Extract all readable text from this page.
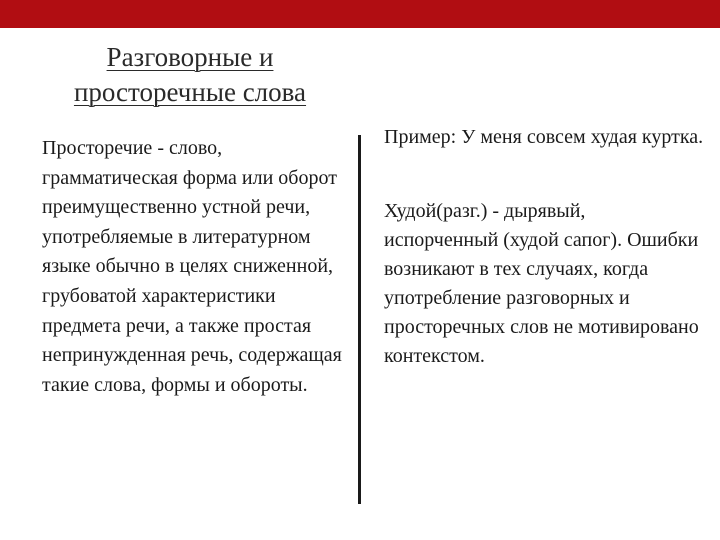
Разговорные и
просторечные слова
Просторечие - слово, грамматическая форма или оборот преимущественно устной речи, употребляемые в литературном языке обычно в целях сниженной, грубоватой характеристики предмета речи, а также простая непринужденная речь, содержащая такие слова, формы и обороты.

Пример: У меня совсем худая куртка.

Худой(разг.) - дырявый, испорченный (худой сапог). Ошибки возникают в тех случаях, когда употребление разговорных и просторечных слов не мотивировано контекстом.
